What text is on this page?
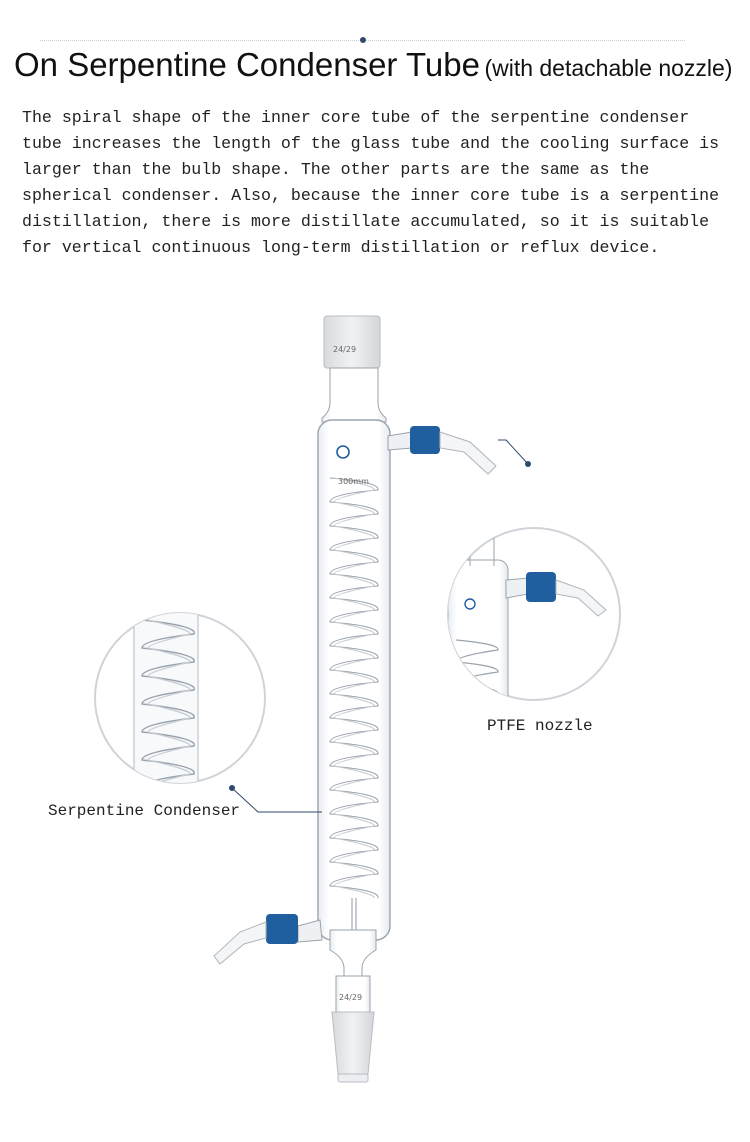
On Serpentine Condenser Tube (with detachable nozzle)
The spiral shape of the inner core tube of the serpentine condenser
tube increases the length of the glass tube and the cooling surface is
larger than the bulb shape. The other parts are the same as the
spherical condenser. Also, because the inner core tube is a serpentine
distillation, there is more distillate accumulated, so it is suitable
for vertical continuous long-term distillation or reflux device.
24/29
300mm
24/29
PTFE nozzle
Serpentine Condenser
